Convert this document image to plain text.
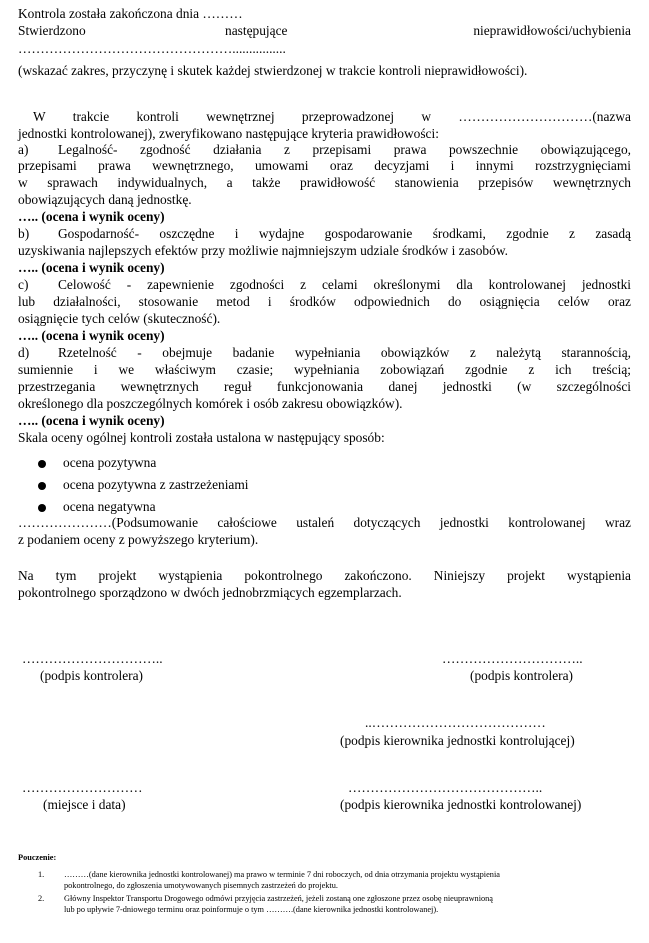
Kontrola została zakończona dnia ………
Stwierdzono	następujące	nieprawidłowości/uchybienia
…………………………………………................
(wskazać zakres, przyczynę i skutek każdej stwierdzonej w trakcie kontroli nieprawidłowości).
W trakcie kontroli wewnętrznej przeprowadzonej w …………………………(nazwa
jednostki kontrolowanej), zweryfikowano następujące kryteria prawidłowości:
a) Legalność- zgodność działania z przepisami prawa powszechnie obowiązującego,
przepisami prawa wewnętrznego, umowami oraz decyzjami i innymi rozstrzygnięciami
w sprawach indywidualnych, a także prawidłowość stanowienia przepisów wewnętrznych
obowiązujących daną jednostkę.
….. (ocena i wynik oceny)
b) Gospodarność- oszczędne i wydajne gospodarowanie środkami, zgodnie z zasadą
uzyskiwania najlepszych efektów przy możliwie najmniejszym udziale środków i zasobów.
….. (ocena i wynik oceny)
c) Celowość - zapewnienie zgodności z celami określonymi dla kontrolowanej jednostki
lub działalności, stosowanie metod i środków odpowiednich do osiągnięcia celów oraz
osiągnięcie tych celów (skuteczność).
….. (ocena i wynik oceny)
d) Rzetelność - obejmuje badanie wypełniania obowiązków z należytą starannością,
sumiennie i we właściwym czasie; wypełniania zobowiązań zgodnie z ich treścią;
przestrzegania wewnętrznych reguł funkcjonowania danej jednostki (w szczególności
określonego dla poszczególnych komórek i osób zakresu obowiązków).
….. (ocena i wynik oceny)
Skala oceny ogólnej kontroli została ustalona w następujący sposób:
ocena pozytywna
ocena pozytywna z zastrzeżeniami
ocena negatywna
…………………(Podsumowanie całościowe ustaleń dotyczących jednostki kontrolowanej wraz
z podaniem oceny z powyższego kryterium).
Na tym projekt wystąpienia pokontrolnego zakończono. Niniejszy projekt wystąpienia
pokontrolnego sporządzono w dwóch jednobrzmiących egzemplarzach.
…………………………..
(podpis kontrolera)
…………………………..
(podpis kontrolera)
..…………………………………
(podpis kierownika jednostki kontrolującej)
………………………
(miejsce i data)
……………………………………..
(podpis kierownika jednostki kontrolowanej)
Pouczenie:
1. ………(dane kierownika jednostki kontrolowanej) ma prawo w terminie 7 dni roboczych, od dnia otrzymania projektu wystąpienia
pokontrolnego, do zgłoszenia umotywowanych pisemnych zastrzeżeń do projektu.
2. Główny Inspektor Transportu Drogowego odmówi przyjęcia zastrzeżeń, jeżeli zostaną one zgłoszone przez osobę nieuprawnioną
lub po upływie 7-dniowego terminu oraz poinformuje o tym ……….(dane kierownika jednostki kontrolowanej).
